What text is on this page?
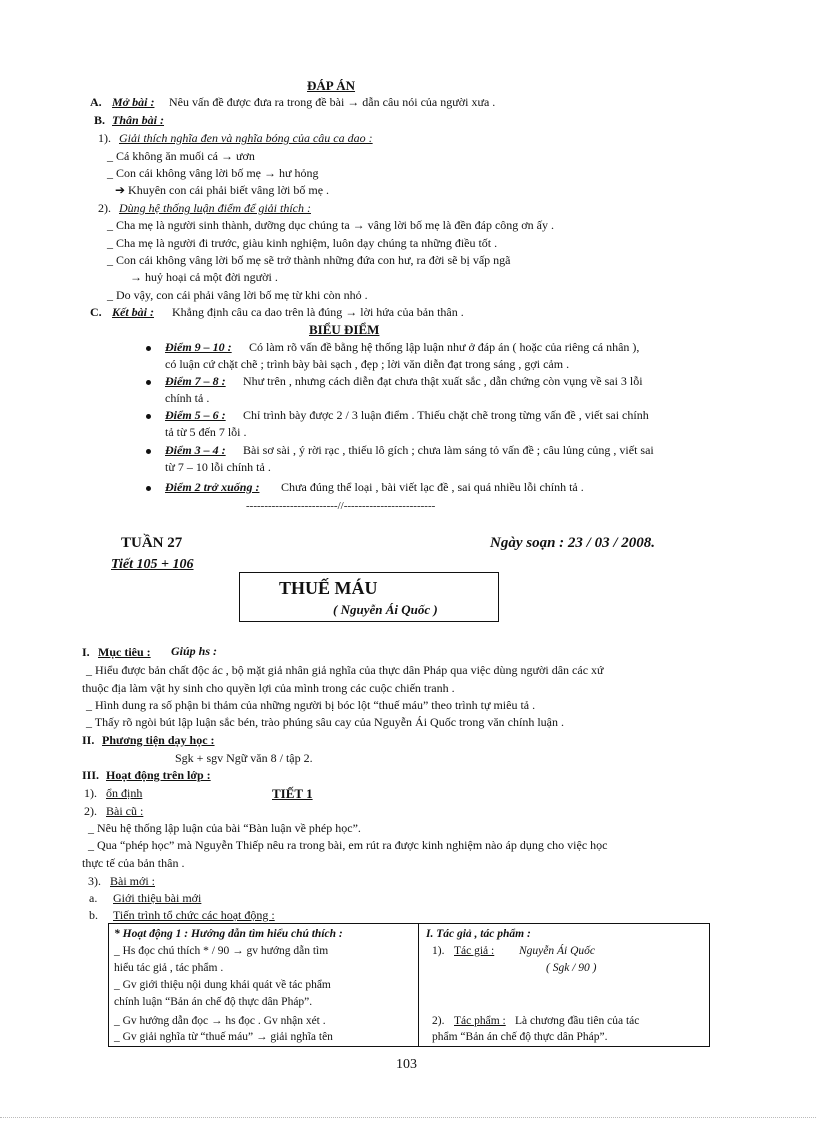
ĐÁP ÁN
A. Mở bài : Nêu vấn đề được đưa ra trong đề bài → dẫn câu nói của người xưa .
B. Thân bài :
1). Giải thích nghĩa đen và nghĩa bóng của câu ca dao :
_ Cá không ăn muối cá → ươn
_ Con cái không vâng lời bố mẹ → hư hỏng
➔ Khuyên con cái phải biết vâng lời bố mẹ .
2). Dùng hệ thống luận điểm để giải thích :
_ Cha mẹ là người sinh thành, dưỡng dục chúng ta → vâng lời bố mẹ là đền đáp công ơn ấy .
_ Cha mẹ là người đi trước, giàu kinh nghiệm, luôn dạy chúng ta những điều tốt .
_ Con cái không vâng lời bố mẹ sẽ trở thành những đứa con hư, ra đời sẽ bị vấp ngã
→ huỷ hoại cả một đời người .
_ Do vậy, con cái phải vâng lời bố mẹ từ khi còn nhỏ .
C. Kết bài : Khẳng định câu ca dao trên là đúng → lời hứa của bản thân .
BIỂU ĐIỂM
Điểm 9 – 10 : Có làm rõ vấn đề bằng hệ thống lập luận như ở đáp án ( hoặc của riêng cá nhân ),
có luận cứ chặt chẽ ; trình bày bài sạch , đẹp ; lời văn diễn đạt trong sáng , gợi cảm .
Điểm 7 – 8 : Như trên , nhưng cách diễn đạt chưa thật xuất sắc , dẫn chứng còn vụng về sai 3 lỗi
chính tả .
Điểm 5 – 6 : Chỉ trình bày được 2 / 3 luận điểm . Thiếu chặt chẽ trong từng vấn đề , viết sai chính
tả từ 5 đến 7 lỗi .
Điểm 3 – 4 : Bài sơ sài , ý rời rạc , thiếu lô gích ; chưa làm sáng tỏ vấn đề ; câu lủng củng , viết sai
từ 7 – 10 lỗi chính tả .
Điểm 2 trở xuống : Chưa đúng thể loại , bài viết lạc đề , sai quá nhiều lỗi chính tả .
-------------------------//-------------------------
TUẦN 27	Ngày soạn : 23 / 03 / 2008.
Tiết 105 + 106
THUẾ MÁU
( Nguyễn Ái Quốc )
I. Mục tiêu : Giúp hs :
_ Hiểu được bản chất độc ác , bộ mặt giả nhân giả nghĩa của thực dân Pháp qua việc dùng người dân các xứ
thuộc địa làm vật hy sinh cho quyền lợi của mình trong các cuộc chiến tranh .
_ Hình dung ra số phận bi thảm của những người bị bóc lột “thuế máu” theo trình tự miêu tả .
_ Thấy rõ ngòi bút lập luận sắc bén, trào phúng sâu cay của Nguyễn Ái Quốc trong văn chính luận .
II. Phương tiện dạy học :
Sgk + sgv Ngữ văn 8 / tập 2.
III. Hoạt động trên lớp :
1). ổn định	TIẾT 1
2). Bài cũ :
_ Nêu hệ thống lập luận của bài “Bàn luận về phép học”.
_ Qua “phép học” mà Nguyễn Thiếp nêu ra trong bài, em rút ra được kinh nghiệm nào áp dụng cho việc học
thực tế của bản thân .
3). Bài mới :
a. Giới thiệu bài mới
b. Tiến trình tổ chức các hoạt động :
* Hoạt động 1 : Hướng dẫn tìm hiểu chú thích :
_ Hs đọc chú thích * / 90 → gv hướng dẫn tìm
hiểu tác giả , tác phẩm .
_ Gv giới thiệu nội dung khái quát về tác phẩm
chính luận “Bản án chế độ thực dân Pháp”.
_ Gv hướng dẫn đọc → hs đọc . Gv nhận xét .
_ Gv giải nghĩa từ “thuế máu” → giải nghĩa tên
I. Tác giả , tác phẩm :
1). Tác giả : Nguyễn Ái Quốc
( Sgk / 90 )
2). Tác phẩm : Là chương đầu tiên của tác
phẩm “Bản án chế độ thực dân Pháp”.
103
